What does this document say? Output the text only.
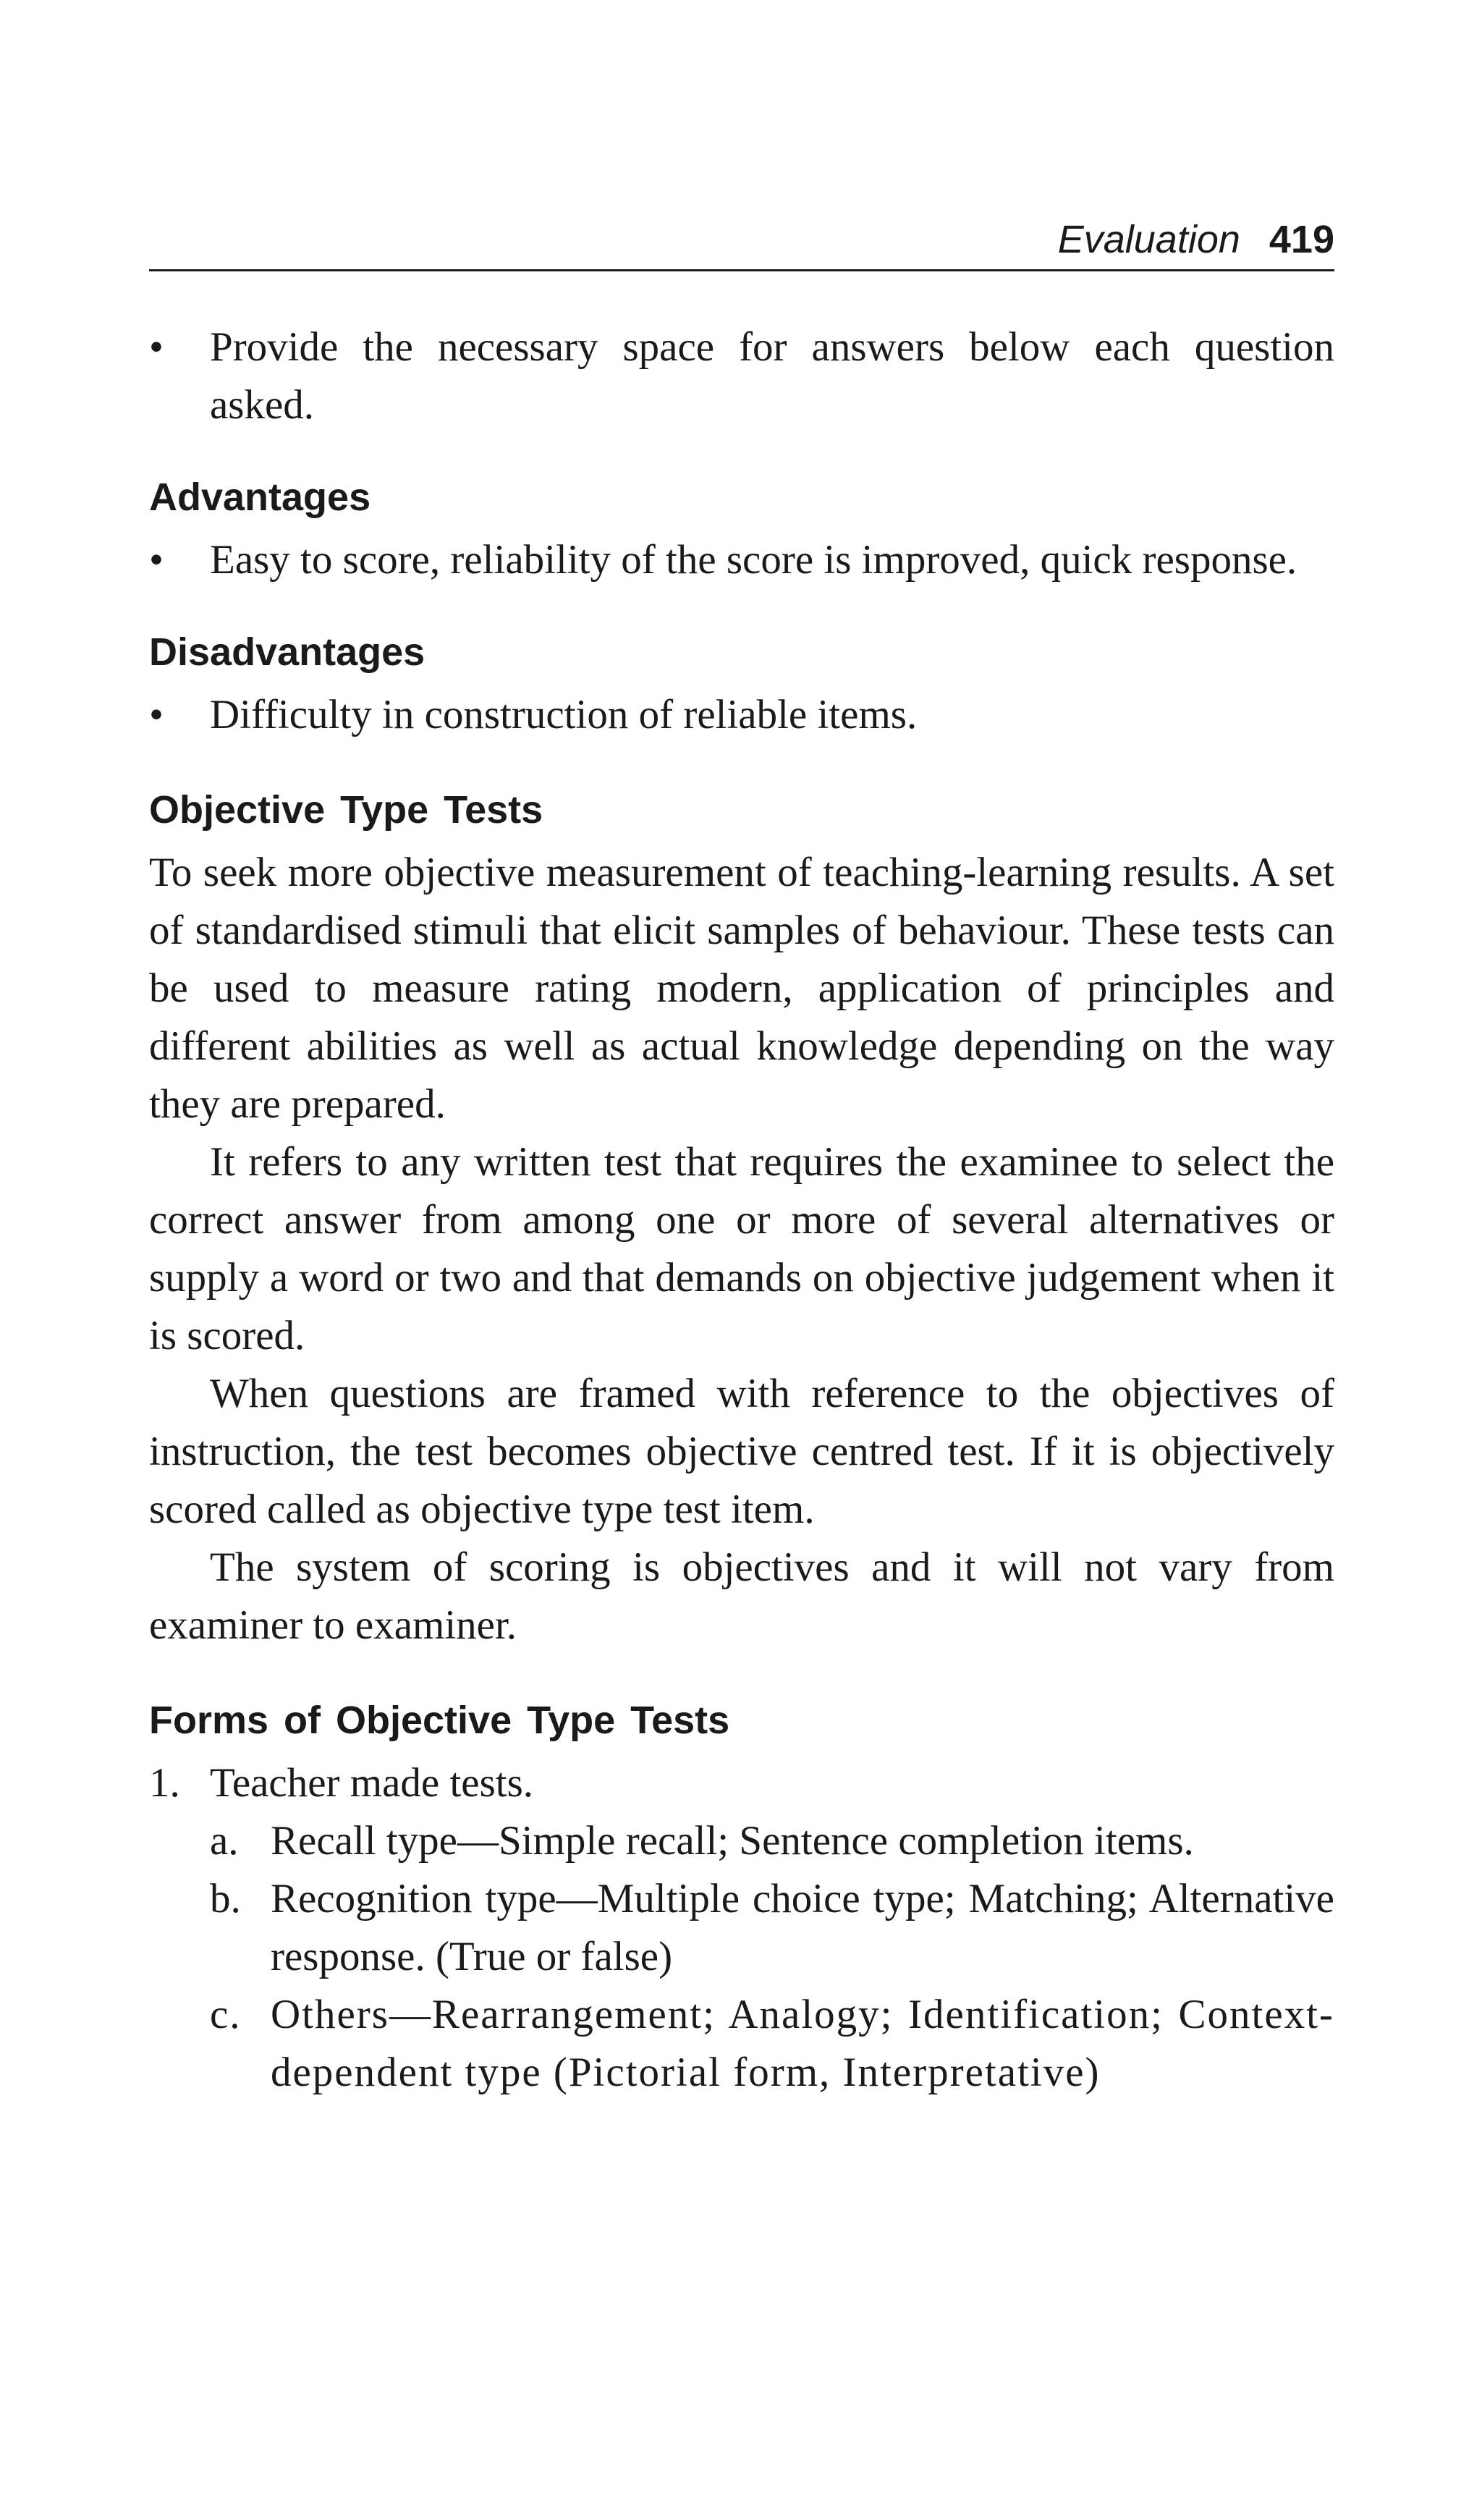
Evaluation 419
• Provide the necessary space for answers below each question asked.
Advantages
• Easy to score, reliability of the score is improved, quick response.
Disadvantages
• Difficulty in construction of reliable items.
Objective Type Tests

To seek more objective measurement of teaching-learning results. A set of standardised stimuli that elicit samples of behaviour. These tests can be used to measure rating modern, application of principles and different abilities as well as actual knowledge depending on the way they are prepared.

It refers to any written test that requires the examinee to select the correct answer from among one or more of several alternatives or supply a word or two and that demands on objective judgement when it is scored.

When questions are framed with reference to the objectives of instruction, the test becomes objective centred test. If it is objectively scored called as objective type test item.

The system of scoring is objectives and it will not vary from examiner to examiner.

Forms of Objective Type Tests
1. Teacher made tests.
a. Recall type—Simple recall; Sentence completion items.
b. Recognition type—Multiple choice type; Matching; Alternative response. (True or false)
c. Others—Rearrangement; Analogy; Identification; Context-dependent type (Pictorial form, Interpretative)
